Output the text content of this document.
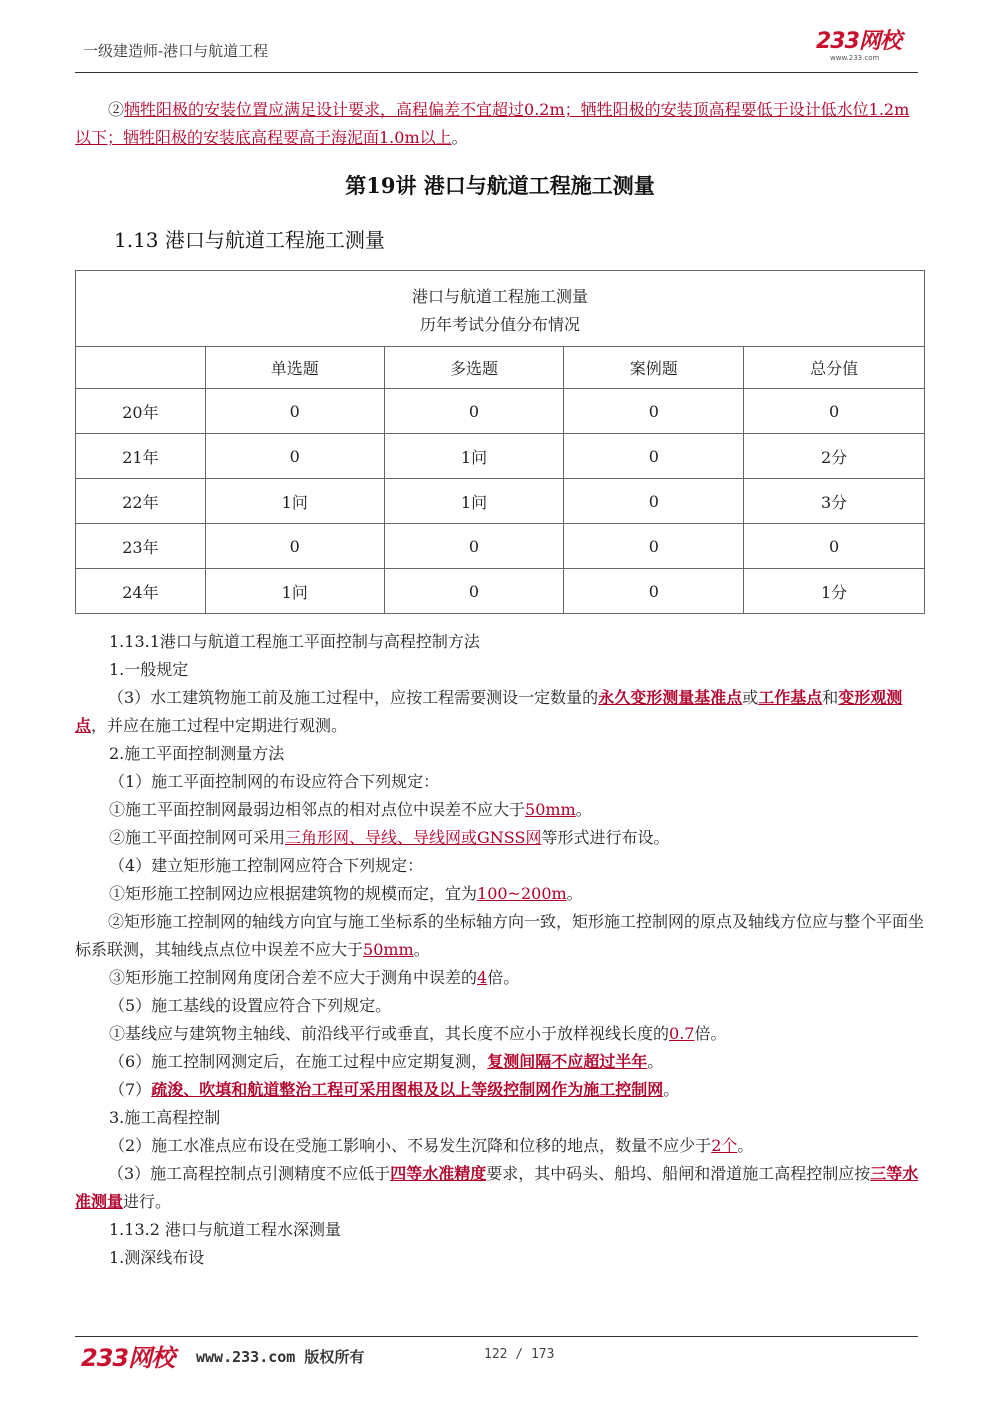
一级建造师-港口与航道工程	233网校
www.233.com
②牺牲阳极的安装位置应满足设计要求，高程偏差不宜超过0.2m；牺牲阳极的安装顶高程要低于设计低水位1.2m以下；牺牲阳极的安装底高程要高于海泥面1.0m以上。
第19讲 港口与航道工程施工测量
1.13 港口与航道工程施工测量
港口与航道工程施工测量
历年考试分值分布情况				

	单选题	多选题	案例题	总分值
20年	0	0	0	0
21年	0	1问	0	2分
22年	1问	1问	0	3分
23年	0	0	0	0
24年	1问	0	0	1分
1.13.1港口与航道工程施工平面控制与高程控制方法
1.一般规定
（3）水工建筑物施工前及施工过程中，应按工程需要测设一定数量的永久变形测量基准点或工作基点和变形观测点，并应在施工过程中定期进行观测。
2.施工平面控制测量方法
（1）施工平面控制网的布设应符合下列规定：
①施工平面控制网最弱边相邻点的相对点位中误差不应大于50mm。
②施工平面控制网可采用三角形网、导线、导线网或GNSS网等形式进行布设。
（4）建立矩形施工控制网应符合下列规定：
①矩形施工控制网边应根据建筑物的规模而定，宜为100~200m。
②矩形施工控制网的轴线方向宜与施工坐标系的坐标轴方向一致，矩形施工控制网的原点及轴线方位应与整个平面坐标系联测，其轴线点点位中误差不应大于50mm。
③矩形施工控制网角度闭合差不应大于测角中误差的4倍。
（5）施工基线的设置应符合下列规定。
①基线应与建筑物主轴线、前沿线平行或垂直，其长度不应小于放样视线长度的0.7倍。
（6）施工控制网测定后，在施工过程中应定期复测，复测间隔不应超过半年。
（7）疏浚、吹填和航道整治工程可采用图根及以上等级控制网作为施工控制网。
3.施工高程控制
（2）施工水准点应布设在受施工影响小、不易发生沉降和位移的地点，数量不应少于2个。
（3）施工高程控制点引测精度不应低于四等水准精度要求，其中码头、船坞、船闸和滑道施工高程控制应按三等水准测量进行。
1.13.2 港口与航道工程水深测量
1.测深线布设
233网校 www.233.com 版权所有	122 / 173
